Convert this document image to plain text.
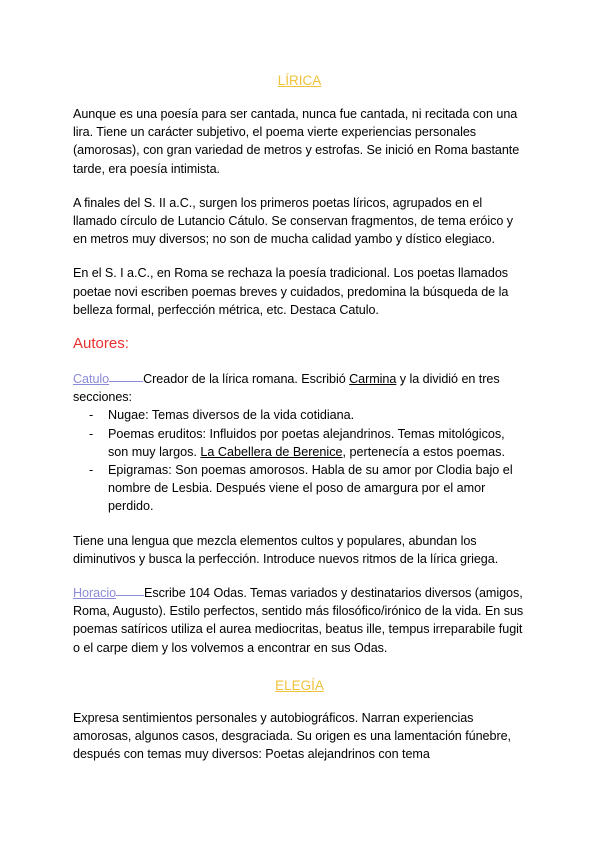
LÍRICA

Aunque es una poesía para ser cantada, nunca fue cantada, ni recitada con una lira. Tiene un carácter subjetivo, el poema vierte experiencias personales (amorosas), con gran variedad de metros y estrofas. Se inició en Roma bastante tarde, era poesía intimista.

A finales del S. II a.C., surgen los primeros poetas líricos, agrupados en el llamado círculo de Lutancio Cátulo. Se conservan fragmentos, de tema eróico y en metros muy diversos; no son de mucha calidad yambo y dístico elegiaco.

En el S. I a.C., en Roma se rechaza la poesía tradicional. Los poetas llamados poetae novi escriben poemas breves y cuidados, predomina la búsqueda de la belleza formal, perfección métrica, etc. Destaca Catulo.

Autores:

Catulo	Creador de la lírica romana. Escribió Carmina y la dividió en tres secciones:

- Nugae: Temas diversos de la vida cotidiana.
- Poemas eruditos: Influidos por poetas alejandrinos. Temas mitológicos, son muy largos. La Cabellera de Berenice, pertenecía a estos poemas.
- Epigramas: Son poemas amorosos. Habla de su amor por Clodia bajo el nombre de Lesbia. Después viene el poso de amargura por el amor perdido.

Tiene una lengua que mezcla elementos cultos y populares, abundan los diminutivos y busca la perfección. Introduce nuevos ritmos de la lírica griega.

Horacio Escribe 104 Odas. Temas variados y destinatarios diversos (amigos, Roma, Augusto). Estilo perfectos, sentido más filosófico/irónico de la vida. En sus poemas satíricos utiliza el aurea mediocritas, beatus ille, tempus irreparabile fugit o el carpe diem y los volvemos a encontrar en sus Odas.

ELEGÍA

Expresa sentimientos personales y autobiográficos. Narran experiencias amorosas, algunos casos, desgraciada. Su origen es una lamentación fúnebre, después con temas muy diversos: Poetas alejandrinos con tema
